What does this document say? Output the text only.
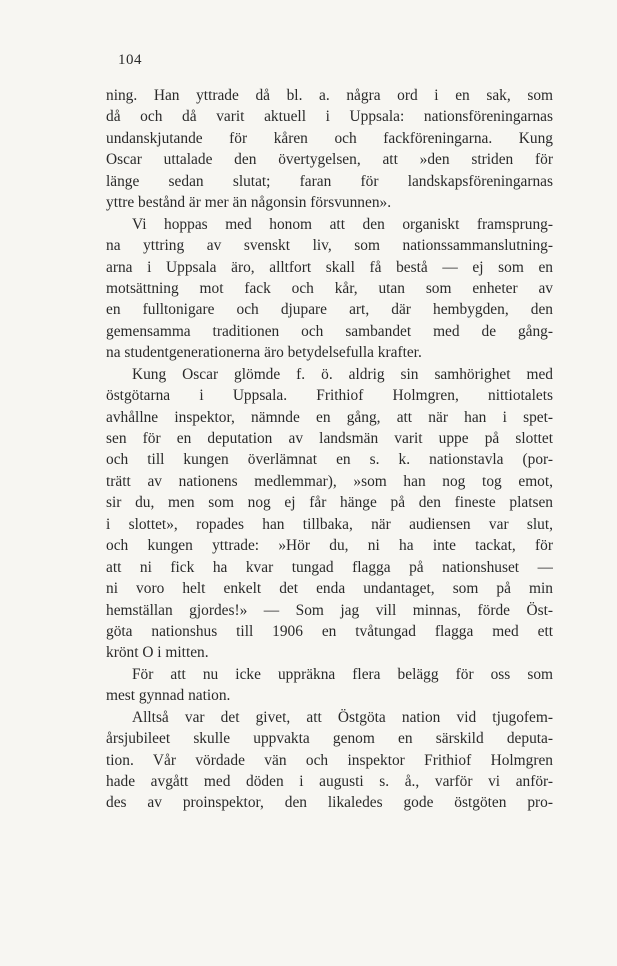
104
ning. Han yttrade då bl. a. några ord i en sak, som
då och då varit aktuell i Uppsala: nationsföreningarnas
undanskjutande för kåren och fackföreningarna. Kung
Oscar uttalade den övertygelsen, att »den striden för
länge sedan slutat; faran för landskapsföreningarnas
yttre bestånd är mer än någonsin försvunnen».
Vi hoppas med honom att den organiskt framsprung-
na yttring av svenskt liv, som nationssammanslutning-
arna i Uppsala äro, alltfort skall få bestå — ej som en
motsättning mot fack och kår, utan som enheter av
en fulltonigare och djupare art, där hembygden, den
gemensamma traditionen och sambandet med de gång-
na studentgenerationerna äro betydelsefulla krafter.
Kung Oscar glömde f. ö. aldrig sin samhörighet med
östgötarna i Uppsala. Frithiof Holmgren, nittiotalets
avhållne inspektor, nämnde en gång, att när han i spet-
sen för en deputation av landsmän varit uppe på slottet
och till kungen överlämnat en s. k. nationstavla (por-
trätt av nationens medlemmar), »som han nog tog emot,
sir du, men som nog ej får hänge på den fineste platsen
i slottet», ropades han tillbaka, när audiensen var slut,
och kungen yttrade: »Hör du, ni ha inte tackat, för
att ni fick ha kvar tungad flagga på nationshuset —
ni voro helt enkelt det enda undantaget, som på min
hemställan gjordes!» — Som jag vill minnas, förde Öst-
göta nationshus till 1906 en tvåtungad flagga med ett
krönt O i mitten.
För att nu icke uppräkna flera belägg för oss som
mest gynnad nation.
Alltså var det givet, att Östgöta nation vid tjugofem-
årsjubileet skulle uppvakta genom en särskild deputa-
tion. Vår vördade vän och inspektor Frithiof Holmgren
hade avgått med döden i augusti s. å., varför vi anför-
des av proinspektor, den likaledes gode östgöten pro-
